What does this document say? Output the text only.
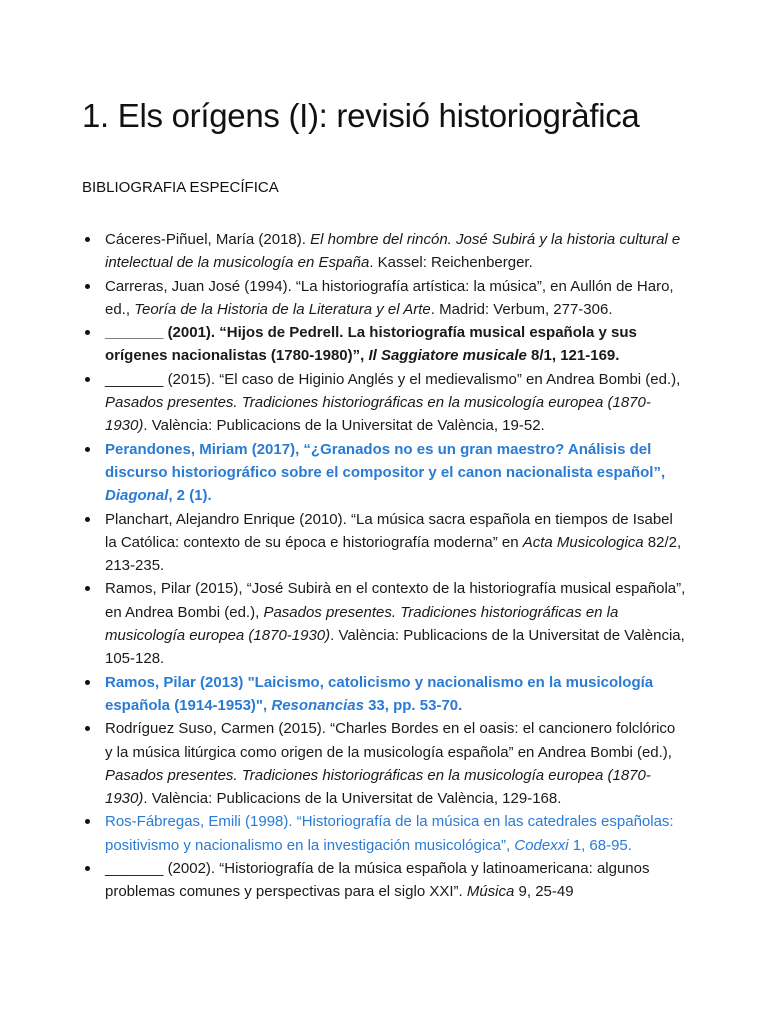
1. Els orígens (I): revisió historiogràfica
BIBLIOGRAFIA ESPECÍFICA
Cáceres-Piñuel, María (2018). El hombre del rincón. José Subirá y la historia cultural e intelectual de la musicología en España. Kassel: Reichenberger.
Carreras, Juan José (1994). “La historiografía artística: la música”, en Aullón de Haro, ed., Teoría de la Historia de la Literatura y el Arte. Madrid: Verbum, 277-306.
_______ (2001). “Hijos de Pedrell. La historiografía musical española y sus orígenes nacionalistas (1780-1980)”, Il Saggiatore musicale 8/1, 121-169.
_______ (2015). “El caso de Higinio Anglés y el medievalismo” en Andrea Bombi (ed.), Pasados presentes. Tradiciones historiográficas en la musicología europea (1870-1930). València: Publicacions de la Universitat de València, 19-52.
Perandones, Miriam (2017), “¿Granados no es un gran maestro? Análisis del discurso historiográfico sobre el compositor y el canon nacionalista español”, Diagonal, 2 (1).
Planchart, Alejandro Enrique (2010). “La música sacra española en tiempos de Isabel la Católica: contexto de su época e historiografía moderna” en Acta Musicologica 82/2, 213-235.
Ramos, Pilar (2015), “José Subirà en el contexto de la historiografía musical española”, en Andrea Bombi (ed.), Pasados presentes. Tradiciones historiográficas en la musicología europea (1870-1930). València: Publicacions de la Universitat de València, 105-128.
Ramos, Pilar (2013) "Laicismo, catolicismo y nacionalismo en la musicología española (1914-1953)", Resonancias 33, pp. 53-70.
Rodríguez Suso, Carmen (2015). “Charles Bordes en el oasis: el cancionero folclórico y la música litúrgica como origen de la musicología española” en Andrea Bombi (ed.), Pasados presentes. Tradiciones historiográficas en la musicología europea (1870-1930). València: Publicacions de la Universitat de València, 129-168.
Ros-Fábregas, Emili (1998). “Historiografía de la música en las catedrales españolas: positivismo y nacionalismo en la investigación musicológica”, Codexxi 1, 68-95.
_______ (2002). “Historiografía de la música española y latinoamericana: algunos problemas comunes y perspectivas para el siglo XXI”. Música 9, 25-49
